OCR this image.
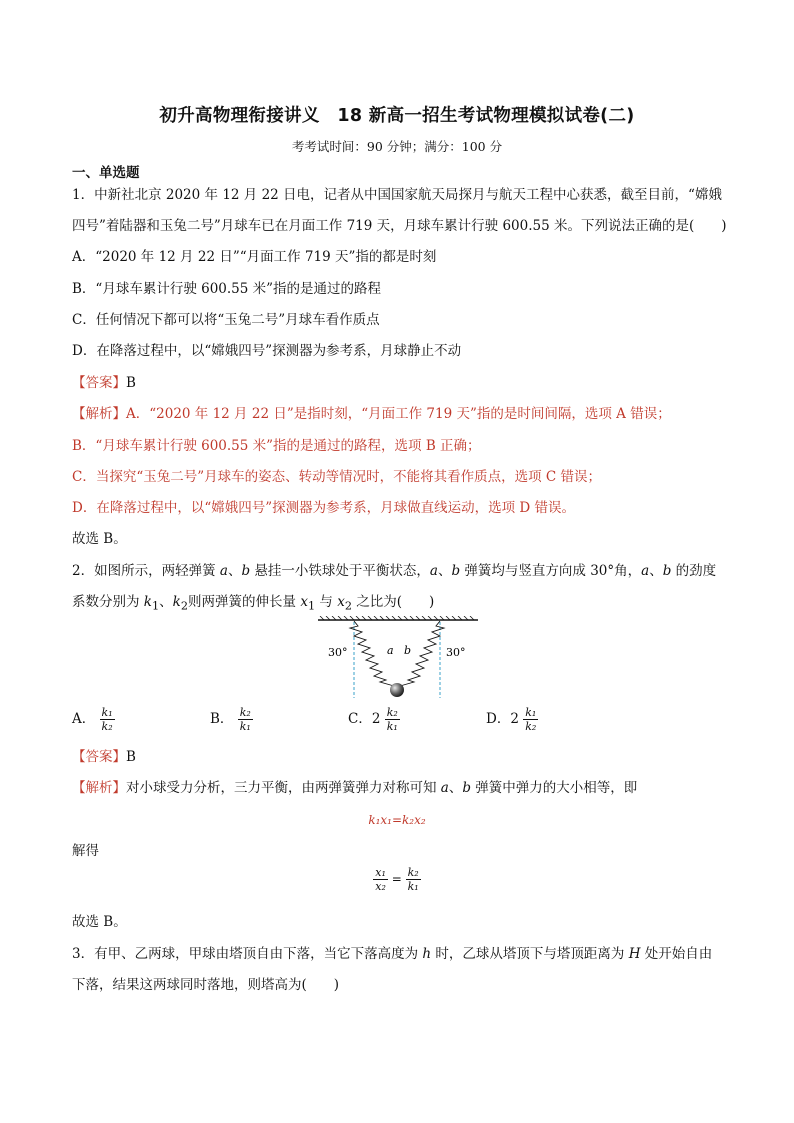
初升高物理衔接讲义　18 新高一招生考试物理模拟试卷(二)
考考试时间：90 分钟；满分：100 分
一、单选题
1．中新社北京 2020 年 12 月 22 日电，记者从中国国家航天局探月与航天工程中心获悉，截至目前，“嫦娥
四号”着陆器和玉兔二号”月球车已在月面工作 719 天，月球车累计行驶 600.55 米。下列说法正确的是(　　)
A．“2020 年 12 月 22 日”“月面工作 719 天”指的都是时刻
B．“月球车累计行驶 600.55 米”指的是通过的路程
C．任何情况下都可以将“玉兔二号”月球车看作质点
D．在降落过程中，以“嫦娥四号”探测器为参考系，月球静止不动
【答案】B
【解析】A．“2020 年 12 月 22 日”是指时刻，“月面工作 719 天”指的是时间间隔，选项 A 错误；
B．“月球车累计行驶 600.55 米”指的是通过的路程，选项 B 正确；
C．当探究“玉兔二号”月球车的姿态、转动等情况时，不能将其看作质点，选项 C 错误；
D．在降落过程中，以“嫦娥四号”探测器为参考系，月球做直线运动，选项 D 错误。
故选 B。
2．如图所示，两轻弹簧 a、b 悬挂一小铁球处于平衡状态，a、b 弹簧均与竖直方向成 30°角，a、b 的劲度
系数分别为 $k_1$、$k_2$则两弹簧的伸长量 $x_1$ 与 $x_2$ 之比为(　　)
30°	30°
a b
A． $\frac{\text{k₁}}{\text{k₂}}$	B． $\frac{\text{k₂}}{\text{k₁}}$	C．$2 \frac{\text{k₂}}{\text{k₁}}$	D．$2 \frac{\text{k₁}}{\text{k₂}}$
【答案】B
【解析】对小球受力分析，三力平衡，由两弹簧弹力对称可知 a、b 弹簧中弹力的大小相等，即
k₁x₁=k₂x₂
解得
$\frac{\text{x₁}}{\text{x₂}} = \frac{\text{k₂}}{\text{k₁}}$
故选 B。
3．有甲、乙两球，甲球由塔顶自由下落，当它下落高度为 h 时，乙球从塔顶下与塔顶距离为 H 处开始自由
下落，结果这两球同时落地，则塔高为(　　)
